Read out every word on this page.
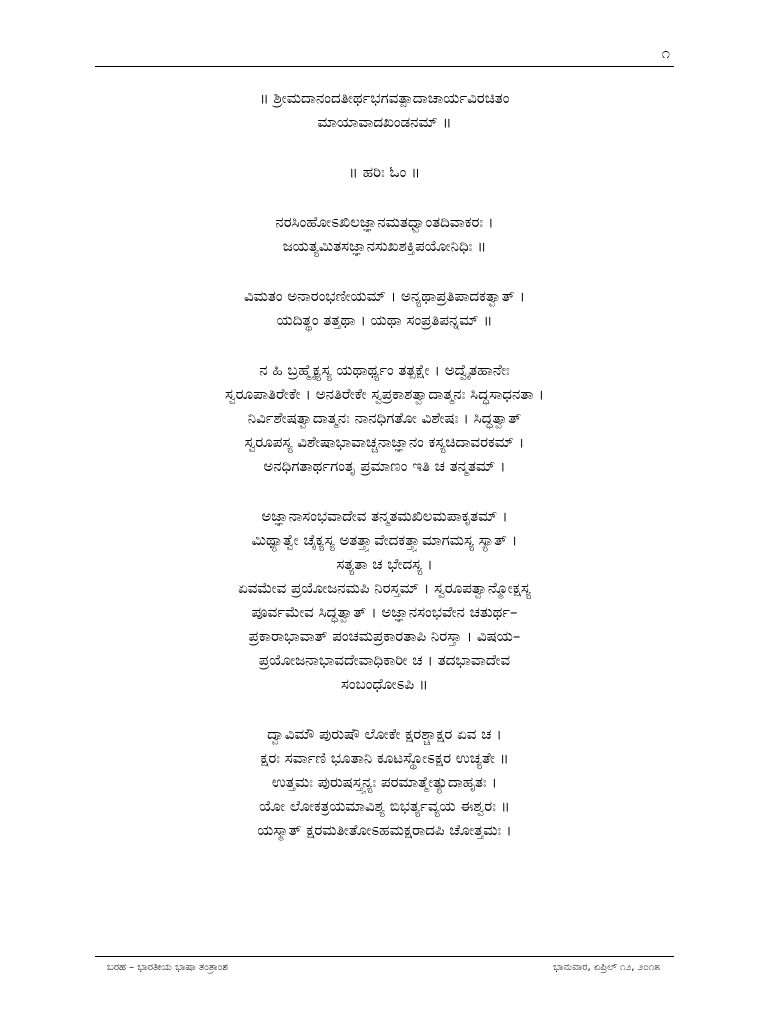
೧
॥ ಶ್ರೀಮದಾನಂದತೀರ್ಥಭಗವತ್ಪಾದಾಚಾರ್ಯವಿರಚಿತಂ
ಮಾಯಾವಾದಖಂಡನಮ್ ॥
॥ ಹರಿಃ ಓಂ ॥
ನರಸಿಂಹೋಽಖಿಲಜ್ಞಾನಮತಧ್ವಾಂತದಿವಾಕರಃ ।
ಜಯತ್ಯಮಿತಸಜ್ಞಾನಸುಖಶಕ್ತಿಪಯೋನಿಧಿಃ ॥
ವಿಮತಂ ಅನಾರಂಭಣೀಯಮ್ । ಅನ್ಯಥಾಪ್ರತಿಪಾದಕತ್ವಾತ್ ।
ಯದಿತ್ಥಂ ತತ್ತಥಾ । ಯಥಾ ಸಂಪ್ರತಿಪನ್ನಮ್ ॥
ನ ಹಿ ಬ್ರಹ್ಮೈಕ್ಯಸ್ಯ ಯಥಾರ್ಥ್ಯಂ ತತ್ಪಕ್ಷೇ । ಅದ್ವೈತಹಾನೇಃ
ಸ್ವರೂಪಾತಿರೇಕೇ । ಅನತಿರೇಕೇ ಸ್ವಪ್ರಕಾಶತ್ವಾದಾತ್ಮನಃ ಸಿದ್ಧಸಾಧನತಾ ।
ನಿರ್ವಿಶೇಷತ್ವಾದಾತ್ಮನಃ ನಾನಧಿಗತೋ ವಿಶೇಷಃ । ಸಿದ್ಧತ್ವಾತ್
ಸ್ವರೂಪಸ್ಯ ವಿಶೇಷಾಭಾವಾಚ್ಚನಾಜ್ಞಾನಂ ಕಸ್ಯಚಿದಾವರಕಮ್ ।
ಅನಧಿಗತಾರ್ಥಗಂತೃ ಪ್ರಮಾಣಂ ಇತಿ ಚ ತನ್ಮತಮ್ ।
ಅಜ್ಞಾನಾಸಂಭವಾದೇವ ತನ್ಮತಮಖಿಲಮಪಾಕೃತಮ್ ।
ಮಿಥ್ಯಾತ್ವೇ ಚೈಕ್ಯಸ್ಯ ಅತತ್ತ್ವಾವೇದಕತ್ತ್ವಾಮಾಗಮಸ್ಯ ಸ್ಯಾತ್ ।
ಸತ್ಯತಾ ಚ ಭೇದಸ್ಯ ।
ಏವಮೇವ ಪ್ರಯೋಜನಮಪಿ ನಿರಸ್ತಮ್ । ಸ್ವರೂಪತ್ವಾನ್ಮೋಕ್ಷಸ್ಯ
ಪೂರ್ವಮೇವ ಸಿದ್ಧತ್ವಾತ್ । ಅಜ್ಞಾನಸಂಭವೇನ ಚತುರ್ಥ–
ಪ್ರಕಾರಾಭಾವಾತ್ ಪಂಚಮಪ್ರಕಾರತಾಪಿ ನಿರಸ್ತಾ । ವಿಷಯ–
ಪ್ರಯೋಜನಾಭಾವದೇವಾಧಿಕಾರೀ ಚ । ತದಭಾವಾದೇವ
ಸಂಬಂಧೋಽಪಿ ॥
ದ್ವಾವಿಮೌ ಪುರುಷೌ ಲೋಕೇ ಕ್ಷರಶ್ಚಾಕ್ಷರ ಏವ ಚ ।
ಕ್ಷರಃ ಸರ್ವಾಣಿ ಭೂತಾನಿ ಕೂಟಸ್ಥೋಽಕ್ಷರ ಉಚ್ಯತೇ ॥
ಉತ್ತಮಃ ಪುರುಷಸ್ತ್ವನ್ಯಃ ಪರಮಾತ್ಮೇತ್ಯುದಾಹೃತಃ ।
ಯೋ ಲೋಕತ್ರಯಮಾವಿಶ್ಯ ಬಿಭರ್ತ್ಯವ್ಯಯ ಈಶ್ವರಃ ॥
ಯಸ್ಮಾತ್ ಕ್ಷರಮತೀತೋಽಹಮಕ್ಷರಾದಪಿ ಚೋತ್ತಮಃ ।
ಬರಹ – ಭಾರತೀಯ ಭಾಷಾ ತಂತ್ರಾಂಶ	ಭಾನುವಾರ, ಏಪ್ರಿಲ್ ೧೨, ೨೦೧೫
